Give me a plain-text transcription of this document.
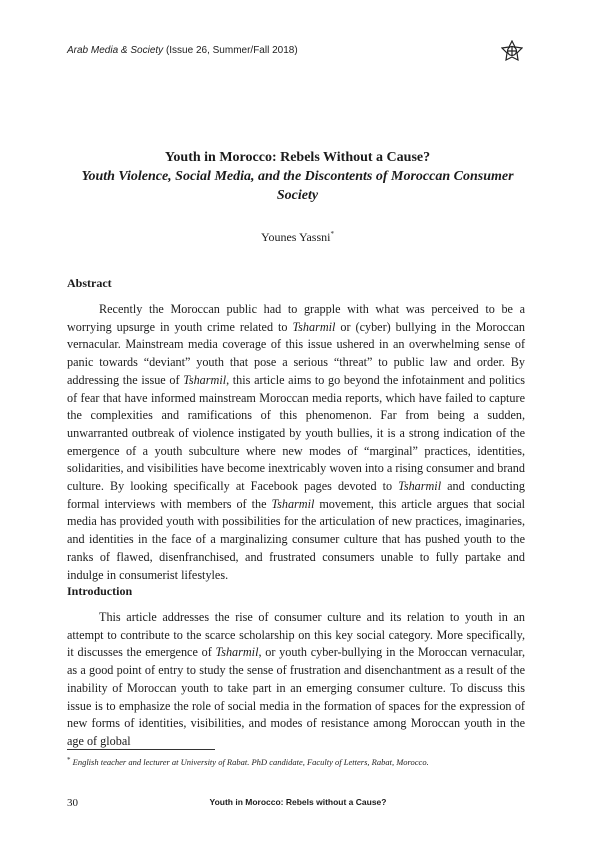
Arab Media & Society (Issue 26, Summer/Fall 2018)
Youth in Morocco: Rebels Without a Cause?

Youth Violence, Social Media, and the Discontents of Moroccan Consumer Society
Younes Yassni*
Abstract

Recently the Moroccan public had to grapple with what was perceived to be a worrying upsurge in youth crime related to Tsharmil or (cyber) bullying in the Moroccan vernacular. Mainstream media coverage of this issue ushered in an overwhelming sense of panic towards “deviant” youth that pose a serious “threat” to public law and order. By addressing the issue of Tsharmil, this article aims to go beyond the infotainment and politics of fear that have informed mainstream Moroccan media reports, which have failed to capture the complexities and ramifications of this phenomenon. Far from being a sudden, unwarranted outbreak of violence instigated by youth bullies, it is a strong indication of the emergence of a youth subculture where new modes of “marginal” practices, identities, solidarities, and visibilities have become inextricably woven into a rising consumer and brand culture. By looking specifically at Facebook pages devoted to Tsharmil and conducting formal interviews with members of the Tsharmil movement, this article argues that social media has provided youth with possibilities for the articulation of new practices, imaginaries, and identities in the face of a marginalizing consumer culture that has pushed youth to the ranks of flawed, disenfranchised, and frustrated consumers unable to fully partake and indulge in consumerist lifestyles.

Introduction

This article addresses the rise of consumer culture and its relation to youth in an attempt to contribute to the scarce scholarship on this key social category. More specifically, it discusses the emergence of Tsharmil, or youth cyber-bullying in the Moroccan vernacular, as a good point of entry to study the sense of frustration and disenchantment as a result of the inability of Moroccan youth to take part in an emerging consumer culture. To discuss this issue is to emphasize the role of social media in the formation of spaces for the expression of new forms of identities, visibilities, and modes of resistance among Moroccan youth in the age of global

* English teacher and lecturer at University of Rabat. PhD candidate, Faculty of Letters, Rabat, Morocco.
30	Youth in Morocco: Rebels without a Cause?
